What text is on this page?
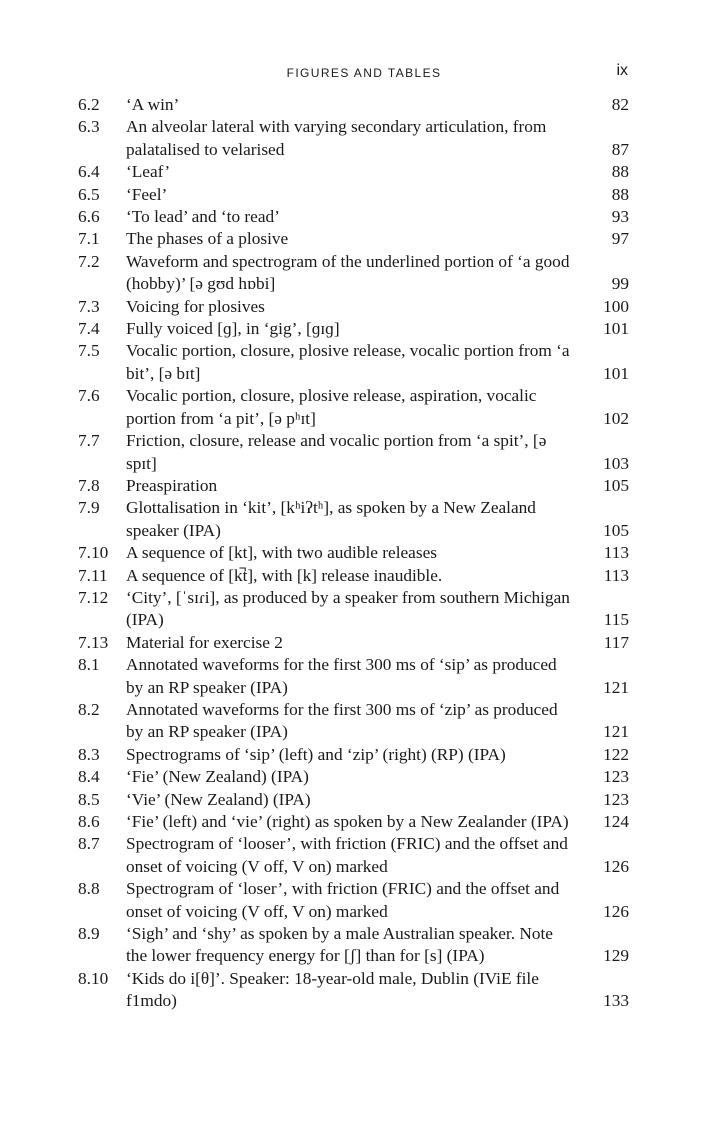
FIGURES AND TABLES	ix
6.2 ‘A win’	82
6.3 An alveolar lateral with varying secondary articulation, from palatalised to velarised	87
6.4 ‘Leaf’	88
6.5 ‘Feel’	88
6.6 ‘To lead’ and ‘to read’	93
7.1 The phases of a plosive	97
7.2 Waveform and spectrogram of the underlined portion of ‘a good (hobby)’ [ə gʊd hɒbi]	99
7.3 Voicing for plosives	100
7.4 Fully voiced [ɡ], in ‘gig’, [ɡɪɡ]	101
7.5 Vocalic portion, closure, plosive release, vocalic portion from ‘a bit’, [ə bɪt]	101
7.6 Vocalic portion, closure, plosive release, aspiration, vocalic portion from ‘a pit’, [ə pʰɪt]	102
7.7 Friction, closure, release and vocalic portion from ‘a spit’, [ə spɪt]	103
7.8 Preaspiration	105
7.9 Glottalisation in ‘kit’, [kʰiʔtʰ], as spoken by a New Zealand speaker (IPA)	105
7.10 A sequence of [kt], with two audible releases	113
7.11 A sequence of [k̚t], with [k] release inaudible.	113
7.12 ‘City’, [ˈsɪɾi], as produced by a speaker from southern Michigan (IPA)	115
7.13 Material for exercise 2	117
8.1 Annotated waveforms for the first 300 ms of ‘sip’ as produced by an RP speaker (IPA)	121
8.2 Annotated waveforms for the first 300 ms of ‘zip’ as produced by an RP speaker (IPA)	121
8.3 Spectrograms of ‘sip’ (left) and ‘zip’ (right) (RP) (IPA)	122
8.4 ‘Fie’ (New Zealand) (IPA)	123
8.5 ‘Vie’ (New Zealand) (IPA)	123
8.6 ‘Fie’ (left) and ‘vie’ (right) as spoken by a New Zealander (IPA) 124
8.7 Spectrogram of ‘looser’, with friction (FRIC) and the offset and onset of voicing (V off, V on) marked	126
8.8 Spectrogram of ‘loser’, with friction (FRIC) and the offset and onset of voicing (V off, V on) marked	126
8.9 ‘Sigh’ and ‘shy’ as spoken by a male Australian speaker. Note the lower frequency energy for [ʃ] than for [s] (IPA)	129
8.10 ‘Kids do i[θ]’. Speaker: 18-year-old male, Dublin (IViE file f1mdo)	133
